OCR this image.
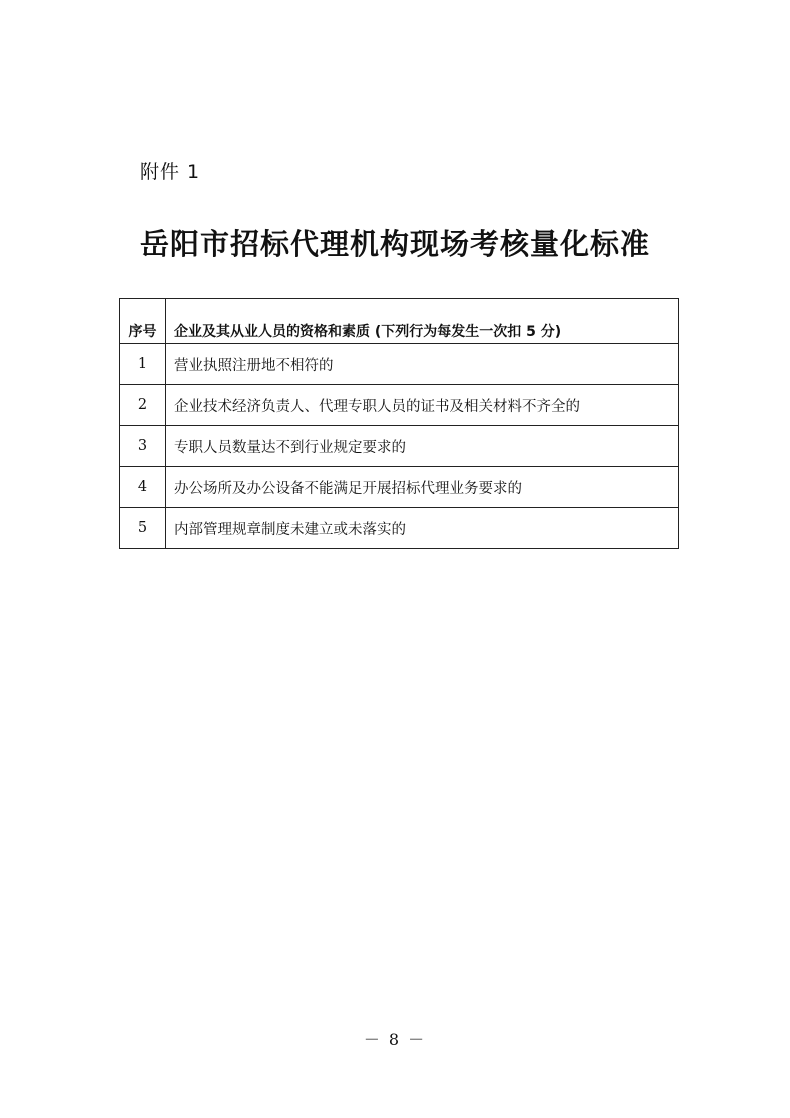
附件 1
岳阳市招标代理机构现场考核量化标准
序号	企业及其从业人员的资格和素质 (下列行为每发生一次扣 5 分)
1	营业执照注册地不相符的
2	企业技术经济负责人、代理专职人员的证书及相关材料不齐全的
3	专职人员数量达不到行业规定要求的
4	办公场所及办公设备不能满足开展招标代理业务要求的
5	内部管理规章制度未建立或未落实的
－ 8 －
